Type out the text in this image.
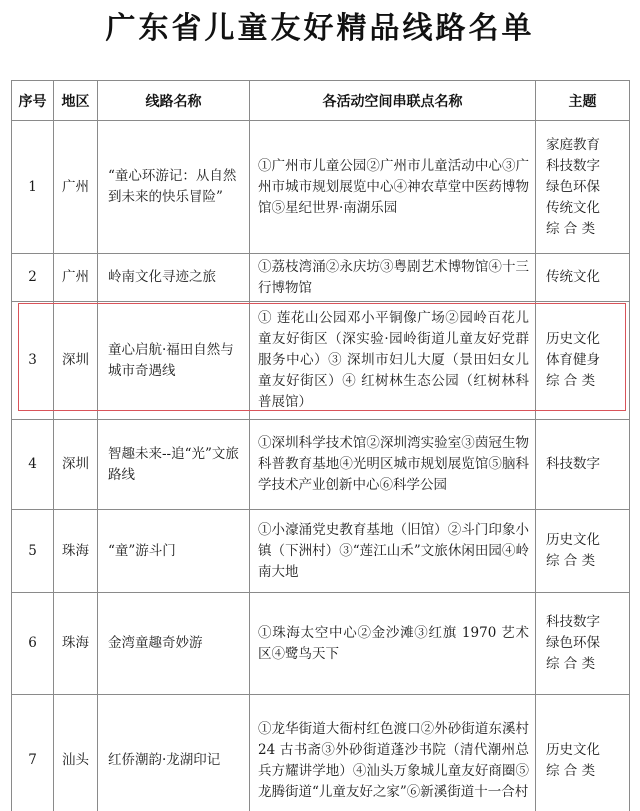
广东省儿童友好精品线路名单
序号	地区	线路名称	各活动空间串联点名称	主题
1	广州	“童心环游记：从自然到未来的快乐冒险”	①广州市儿童公园②广州市儿童活动中心③广州市城市规划展览中心④神农草堂中医药博物馆⑤星纪世界·南湖乐园	家庭教育
科技数字
绿色环保
传统文化
综 合 类

2	广州	岭南文化寻迹之旅	①荔枝湾涌②永庆坊③粤剧艺术博物馆④十三行博物馆	传统文化

3	深圳	童心启航·福田自然与城市奇遇线	① 莲花山公园邓小平铜像广场②园岭百花儿童友好街区（深实验·园岭街道儿童友好党群服务中心）③ 深圳市妇儿大厦（景田妇女儿童友好街区）④ 红树林生态公园（红树林科普展馆）	历史文化
体育健身
综 合 类

4	深圳	智趣未来--追“光”文旅路线	①深圳科学技术馆②深圳湾实验室③茵冠生物科普教育基地④光明区城市规划展览馆⑤脑科学技术产业创新中心⑥科学公园	科技数字

5	珠海	“童”游斗门	①小濠涌党史教育基地（旧馆）②斗门印象小镇（下洲村）③“莲江山禾”文旅休闲田园④岭南大地	历史文化
综 合 类

6	珠海	金湾童趣奇妙游	①珠海太空中心②金沙滩③红旗 1970 艺术区④鹭鸟天下	科技数字
绿色环保
综 合 类

7	汕头	红侨潮韵·龙湖印记	①龙华街道大衙村红色渡口②外砂街道东溪村 24 古书斋③外砂街道蓬沙书院（清代潮州总兵方耀讲学地）④汕头万象城儿童友好商圈⑤龙腾街道“儿童友好之家”⑥新溪街道十一合村	历史文化
综 合 类
